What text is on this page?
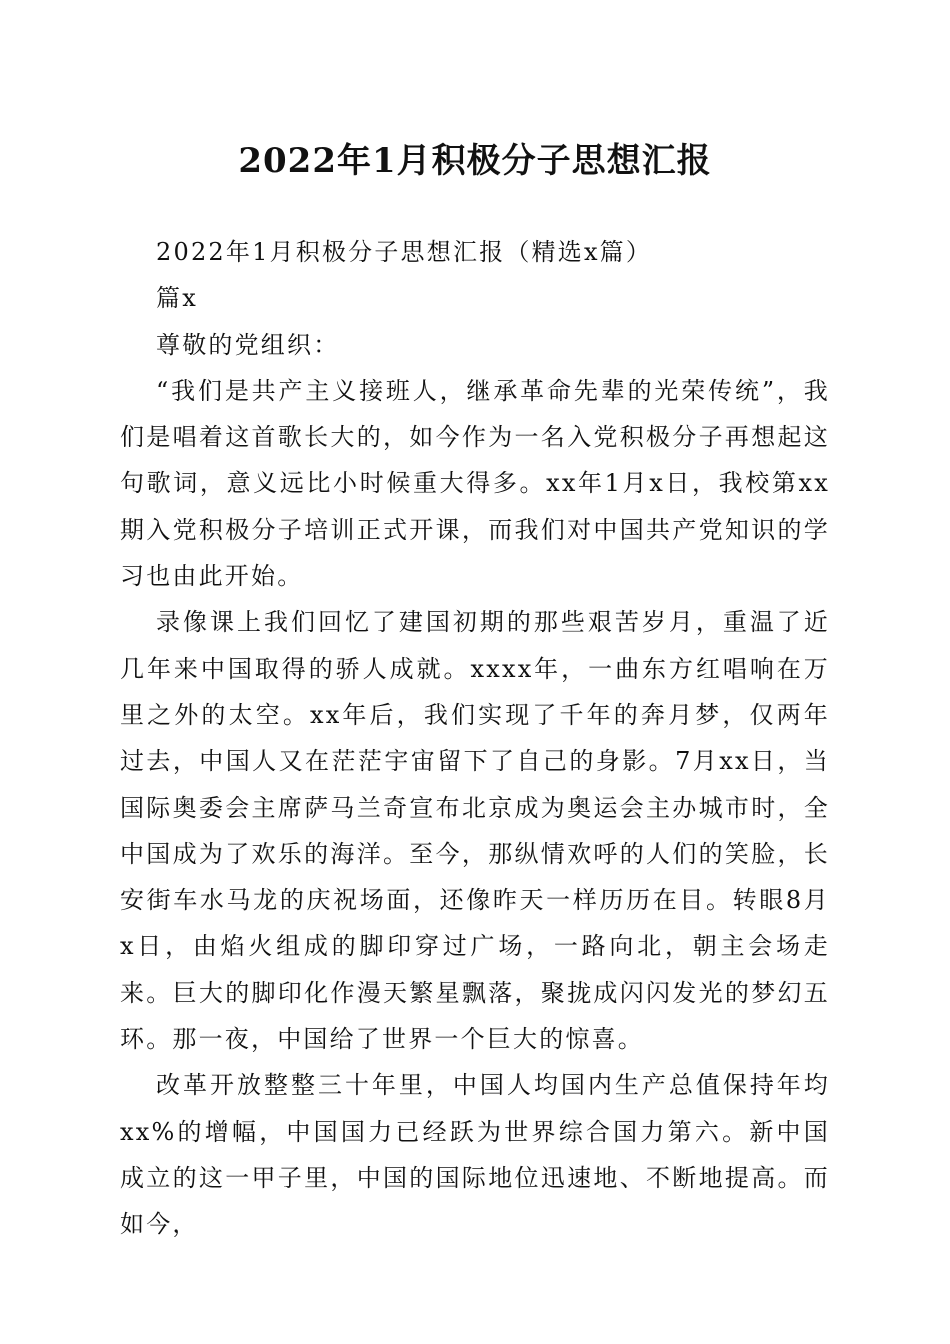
2022年1月积极分子思想汇报

2022年1月积极分子思想汇报（精选x篇）

篇x

尊敬的党组织：

“我们是共产主义接班人，继承革命先辈的光荣传统”，我们是唱着这首歌长大的，如今作为一名入党积极分子再想起这句歌词，意义远比小时候重大得多。xx年1月x日，我校第xx期入党积极分子培训正式开课，而我们对中国共产党知识的学习也由此开始。

录像课上我们回忆了建国初期的那些艰苦岁月，重温了近几年来中国取得的骄人成就。xxxx年，一曲东方红唱响在万里之外的太空。xx年后，我们实现了千年的奔月梦，仅两年过去，中国人又在茫茫宇宙留下了自己的身影。7月xx日，当国际奥委会主席萨马兰奇宣布北京成为奥运会主办城市时，全中国成为了欢乐的海洋。至今，那纵情欢呼的人们的笑脸，长安街车水马龙的庆祝场面，还像昨天一样历历在目。转眼8月x日，由焰火组成的脚印穿过广场，一路向北，朝主会场走来。巨大的脚印化作漫天繁星飘落，聚拢成闪闪发光的梦幻五环。那一夜，中国给了世界一个巨大的惊喜。

改革开放整整三十年里，中国人均国内生产总值保持年均xx%的增幅，中国国力已经跃为世界综合国力第六。新中国成立的这一甲子里，中国的国际地位迅速地、不断地提高。而如今，
